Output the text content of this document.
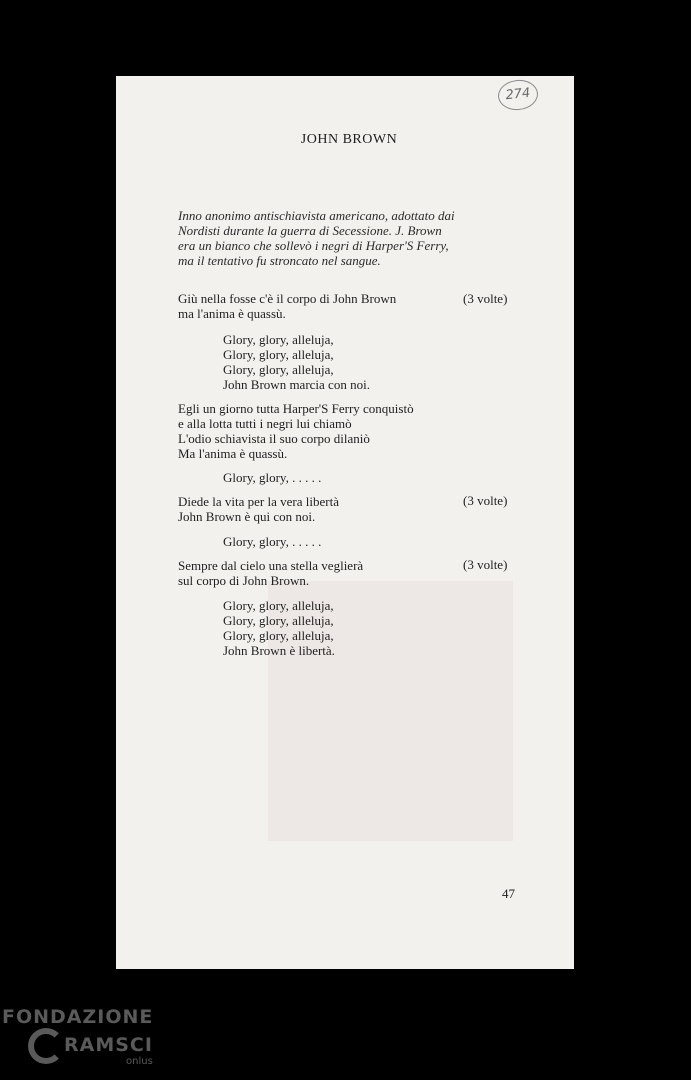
274
JOHN BROWN
Inno anonimo antischiavista americano, adottato dai
Nordisti durante la guerra di Secessione. J. Brown
era un bianco che sollevò i negri di Harper'S Ferry,
ma il tentativo fu stroncato nel sangue.
Giù nella fosse c'è il corpo di John Brown
ma l'anima è quassù.
(3 volte)
Glory, glory, alleluja,
Glory, glory, alleluja,
Glory, glory, alleluja,
John Brown marcia con noi.
Egli un giorno tutta Harper'S Ferry conquistò
e alla lotta tutti i negri lui chiamò
L'odio schiavista il suo corpo dilaniò
Ma l'anima è quassù.
Glory, glory, . . . . .
Diede la vita per la vera libertà
John Brown è qui con noi.
(3 volte)
Glory, glory, . . . . .
Sempre dal cielo una stella veglierà
sul corpo di John Brown.
(3 volte)
Glory, glory, alleluja,
Glory, glory, alleluja,
Glory, glory, alleluja,
John Brown è libertà.
47
FONDAZIONE
RAMSCI
onlus
